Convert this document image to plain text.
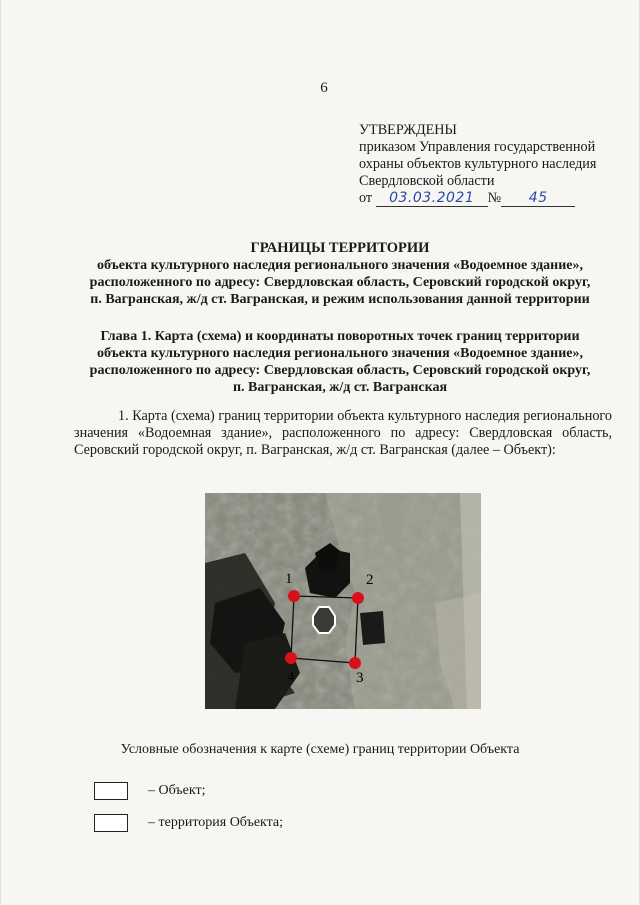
6
УТВЕРЖДЕНЫ
приказом Управления государственной
охраны объектов культурного наследия
Свердловской области
от 03.03.2021 № 45
ГРАНИЦЫ ТЕРРИТОРИИ
объекта культурного наследия регионального значения «Водоемное здание»,
расположенного по адресу: Свердловская область, Серовский городской округ,
п. Вагранская, ж/д ст. Вагранская, и режим использования данной территории
Глава 1. Карта (схема) и координаты поворотных точек границ территории
объекта культурного наследия регионального значения «Водоемное здание»,
расположенного по адресу: Свердловская область, Серовский городской округ,
п. Вагранская, ж/д ст. Вагранская

1. Карта (схема) границ территории объекта культурного наследия регионального значения «Водоемная здание», расположенного по адресу: Свердловская область, Серовский городской округ, п. Вагранская, ж/д ст. Вагранская (далее – Объект):

1	2
3
4
Условные обозначения к карте (схеме) границ территории Объекта
– Объект;
– территория Объекта;
